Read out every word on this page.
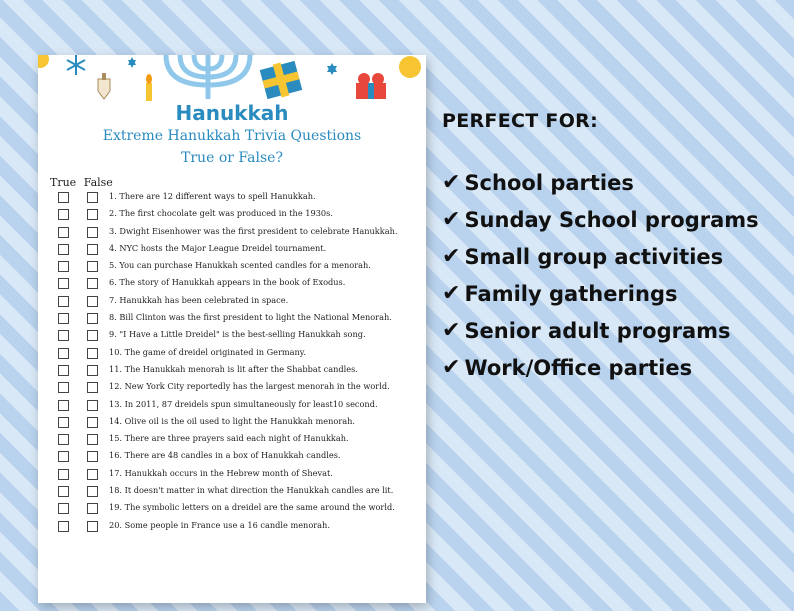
Hanukkah
Extreme Hanukkah Trivia Questions
True or False?
True False
1. There are 12 different ways to spell Hanukkah.
2. The first chocolate gelt was produced in the 1930s.
3. Dwight Eisenhower was the first president to celebrate Hanukkah.
4. NYC hosts the Major League Dreidel tournament.
5. You can purchase Hanukkah scented candles for a menorah.
6. The story of Hanukkah appears in the book of Exodus.
7. Hanukkah has been celebrated in space.
8. Bill Clinton was the first president to light the National Menorah.
9. "I Have a Little Dreidel" is the best-selling Hanukkah song.
10. The game of dreidel originated in Germany.
11. The Hanukkah menorah is lit after the Shabbat candles.
12. New York City reportedly has the largest menorah in the world.
13. In 2011, 87 dreidels spun simultaneously for least10 second.
14. Olive oil is the oil used to light the Hanukkah menorah.
15. There are three prayers said each night of Hanukkah.
16. There are 48 candles in a box of Hanukkah candles.
17. Hanukkah occurs in the Hebrew month of Shevat.
18. It doesn't matter in what direction the Hanukkah candles are lit.
19. The symbolic letters on a dreidel are the same around the world.
20. Some people in France use a 16 candle menorah.
PERFECT FOR:
✔ School parties
✔ Sunday School programs
✔ Small group activities
✔ Family gatherings
✔ Senior adult programs
✔ Work/Office parties
